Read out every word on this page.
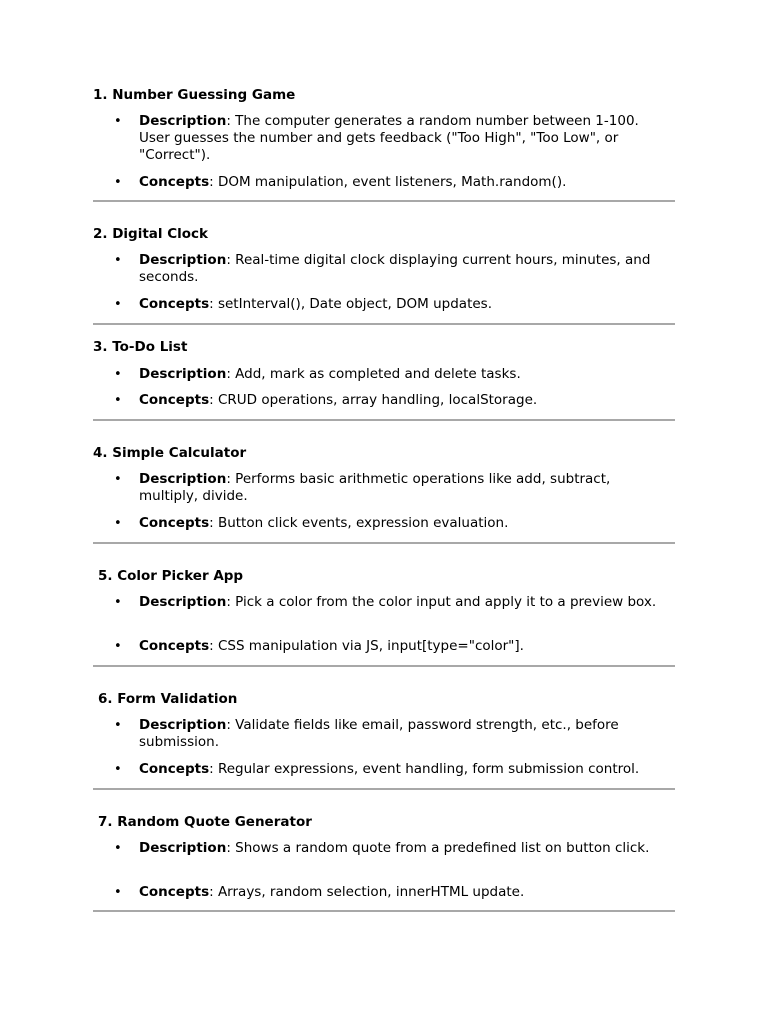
1. Number Guessing Game
• Description: The computer generates a random number between 1-100. User guesses the number and gets feedback ("Too High", "Too Low", or "Correct").
• Concepts: DOM manipulation, event listeners, Math.random().
2. Digital Clock
• Description: Real-time digital clock displaying current hours, minutes, and seconds.
• Concepts: setInterval(), Date object, DOM updates.
3. To-Do List
• Description: Add, mark as completed and delete tasks.
• Concepts: CRUD operations, array handling, localStorage.
4. Simple Calculator
• Description: Performs basic arithmetic operations like add, subtract, multiply, divide.
• Concepts: Button click events, expression evaluation.
5. Color Picker App
• Description: Pick a color from the color input and apply it to a preview box.
• Concepts: CSS manipulation via JS, input[type="color"].
6. Form Validation
• Description: Validate fields like email, password strength, etc., before submission.
• Concepts: Regular expressions, event handling, form submission control.
7. Random Quote Generator
• Description: Shows a random quote from a predefined list on button click.
• Concepts: Arrays, random selection, innerHTML update.
